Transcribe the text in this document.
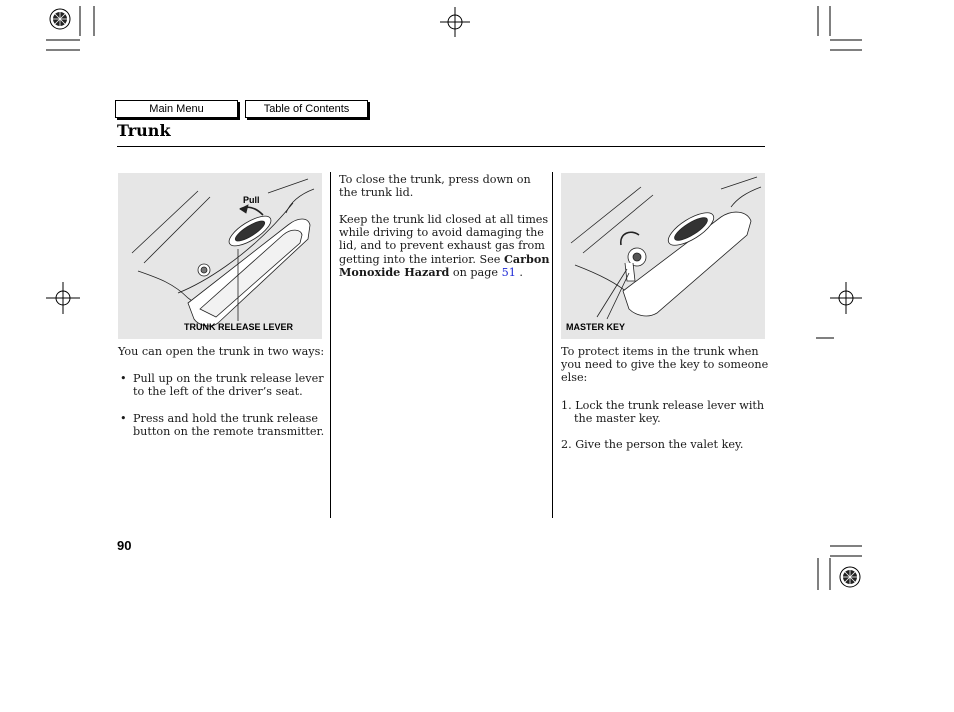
Main Menu	Table of Contents
Trunk
Pull
TRUNK RELEASE LEVER
You can open the trunk in two ways:
• Pull up on the trunk release lever
to the left of the driver’s seat.
• Press and hold the trunk release
button on the remote transmitter.
To close the trunk, press down on
the trunk lid.
Keep the trunk lid closed at all times
while driving to avoid damaging the
lid, and to prevent exhaust gas from
getting into the interior. See Carbon
Monoxide Hazard on page 51 .
MASTER KEY
To protect items in the trunk when
you need to give the key to someone
else:
1. Lock the trunk release lever with
the master key.
2. Give the person the valet key.
90
